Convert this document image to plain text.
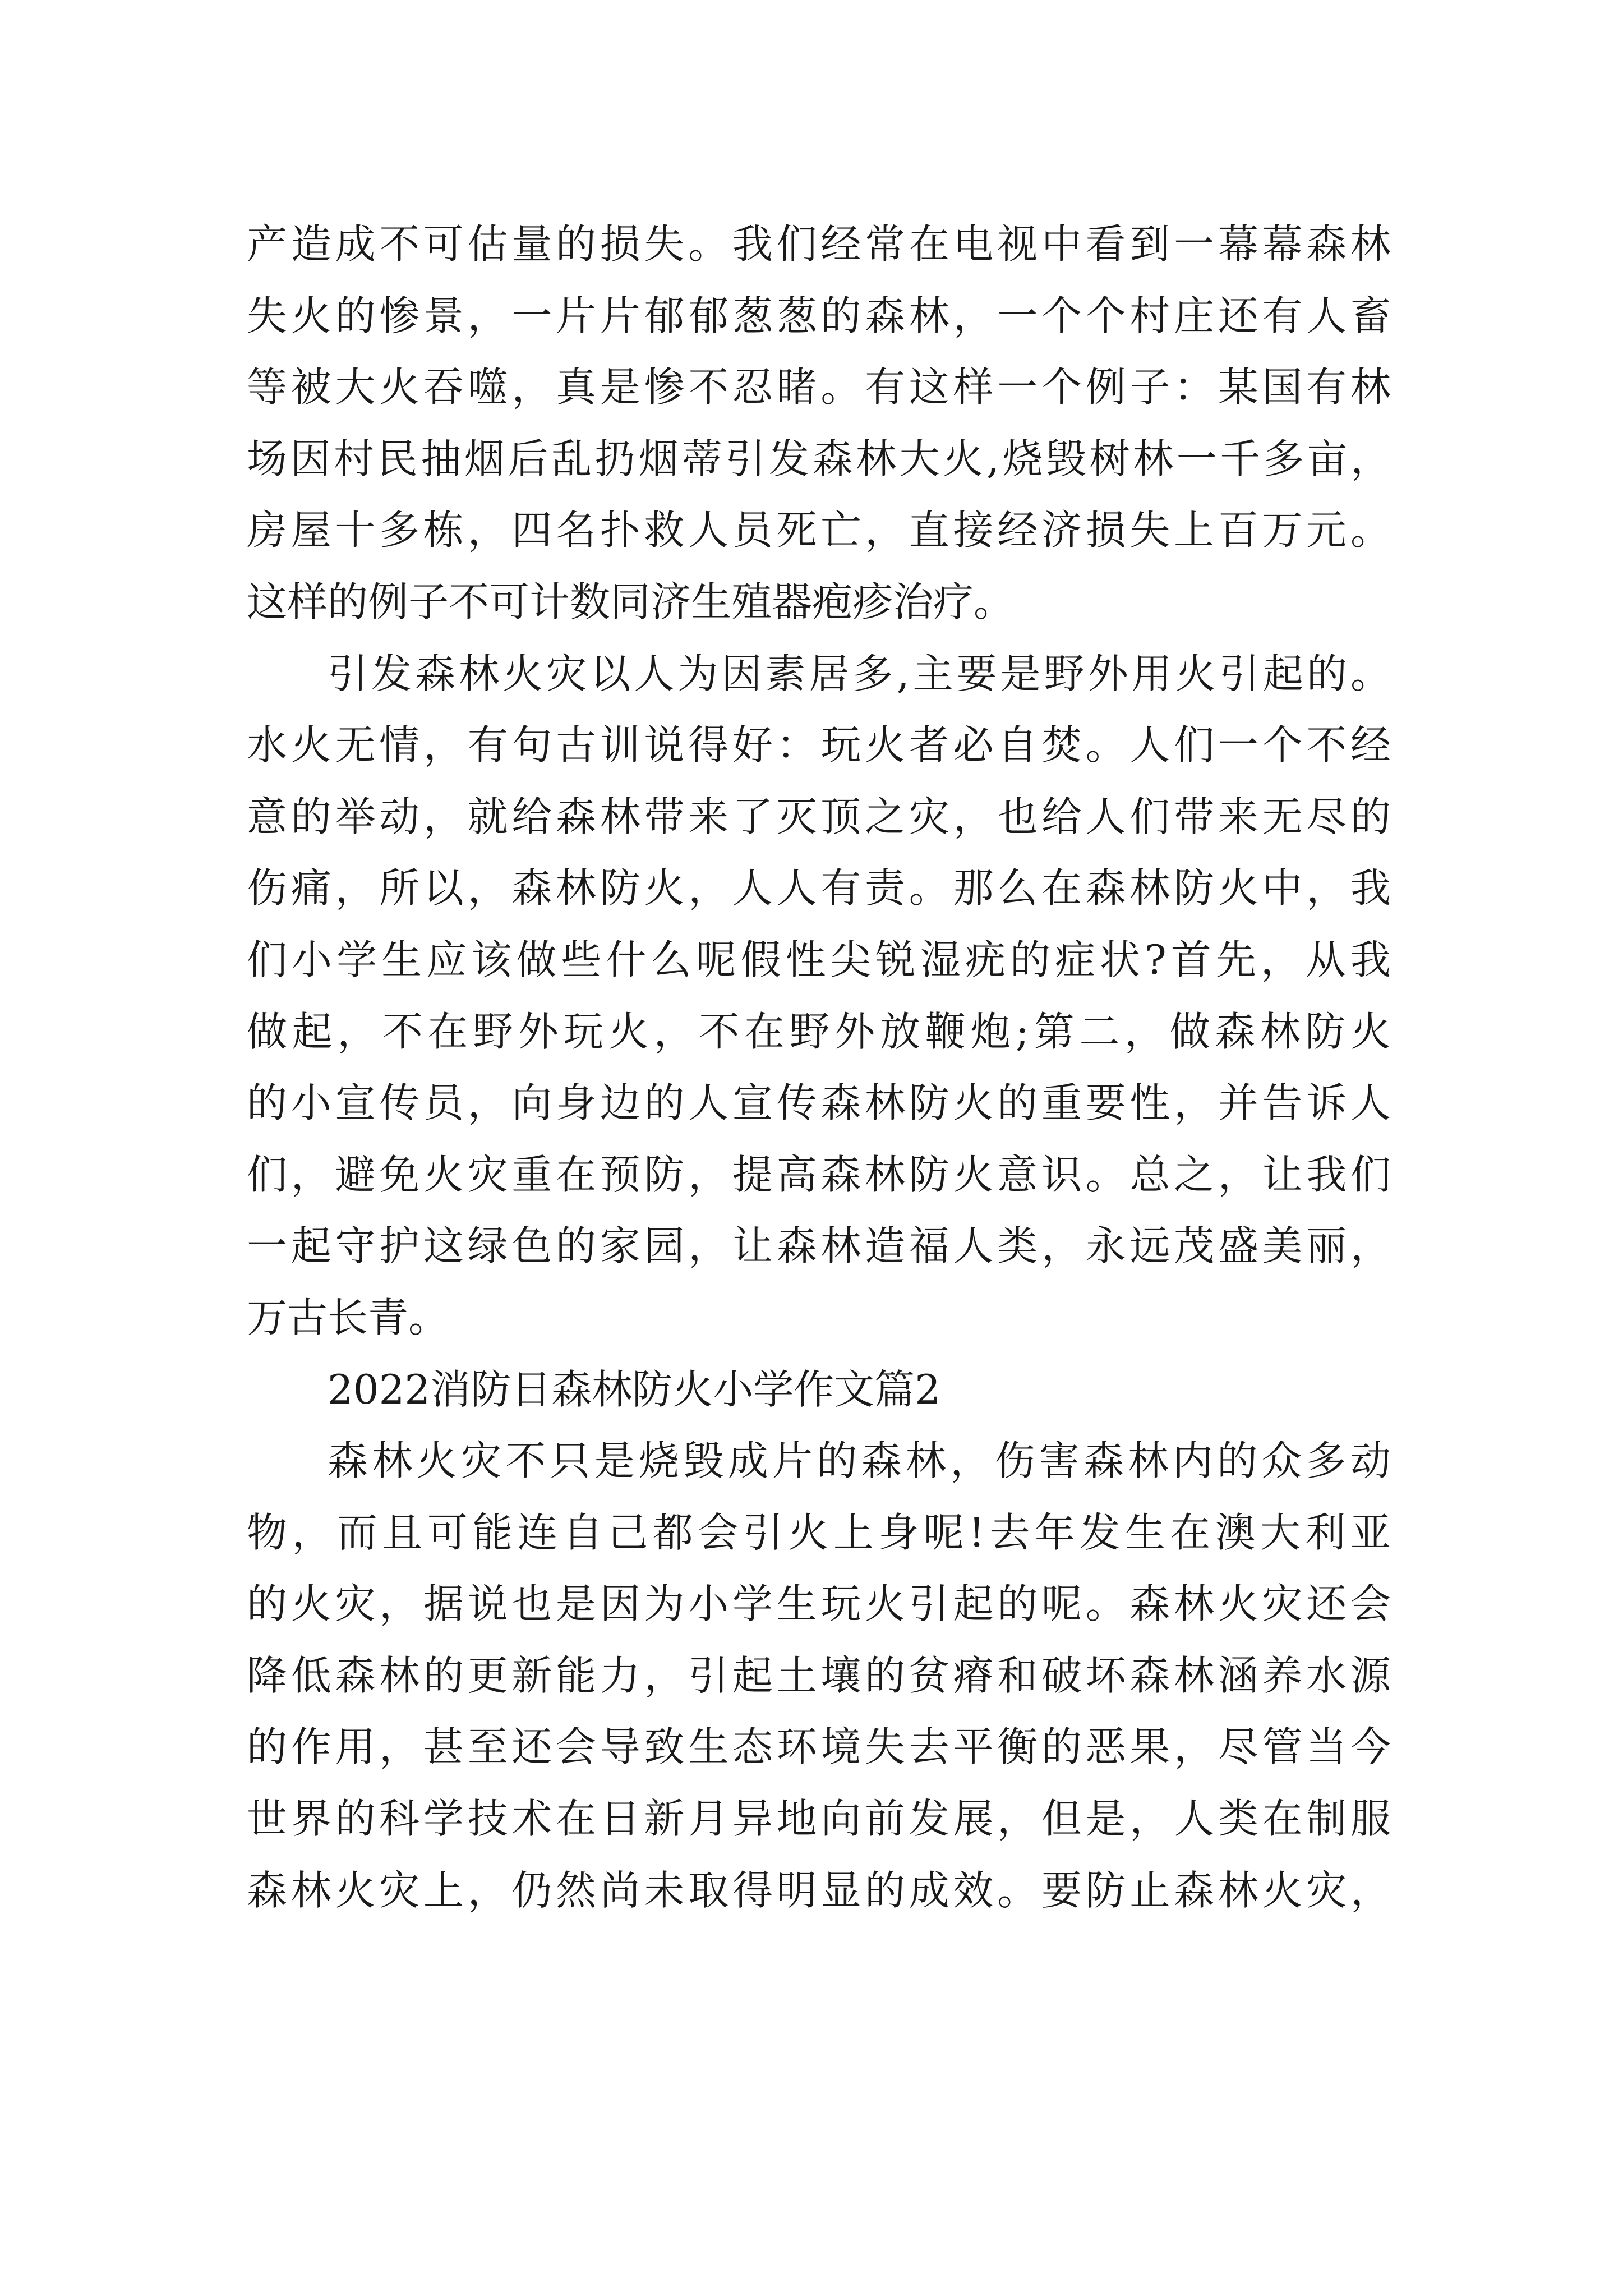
产造成不可估量的损失。我们经常在电视中看到一幕幕森林
失火的惨景，一片片郁郁葱葱的森林，一个个村庄还有人畜
等被大火吞噬，真是惨不忍睹。有这样一个例子：某国有林
场因村民抽烟后乱扔烟蒂引发森林大火,烧毁树林一千多亩，
房屋十多栋，四名扑救人员死亡，直接经济损失上百万元。
这样的例子不可计数同济生殖器疱疹治疗。
引发森林火灾以人为因素居多,主要是野外用火引起的。
水火无情，有句古训说得好：玩火者必自焚。人们一个不经
意的举动，就给森林带来了灭顶之灾，也给人们带来无尽的
伤痛，所以，森林防火，人人有责。那么在森林防火中，我
们小学生应该做些什么呢假性尖锐湿疣的症状?首先，从我
做起，不在野外玩火，不在野外放鞭炮;第二，做森林防火
的小宣传员，向身边的人宣传森林防火的重要性，并告诉人
们，避免火灾重在预防，提高森林防火意识。总之，让我们
一起守护这绿色的家园，让森林造福人类，永远茂盛美丽，
万古长青。
2022消防日森林防火小学作文篇2
森林火灾不只是烧毁成片的森林，伤害森林内的众多动
物，而且可能连自己都会引火上身呢!去年发生在澳大利亚
的火灾，据说也是因为小学生玩火引起的呢。森林火灾还会
降低森林的更新能力，引起土壤的贫瘠和破坏森林涵养水源
的作用，甚至还会导致生态环境失去平衡的恶果，尽管当今
世界的科学技术在日新月异地向前发展，但是，人类在制服
森林火灾上，仍然尚未取得明显的成效。要防止森林火灾，
